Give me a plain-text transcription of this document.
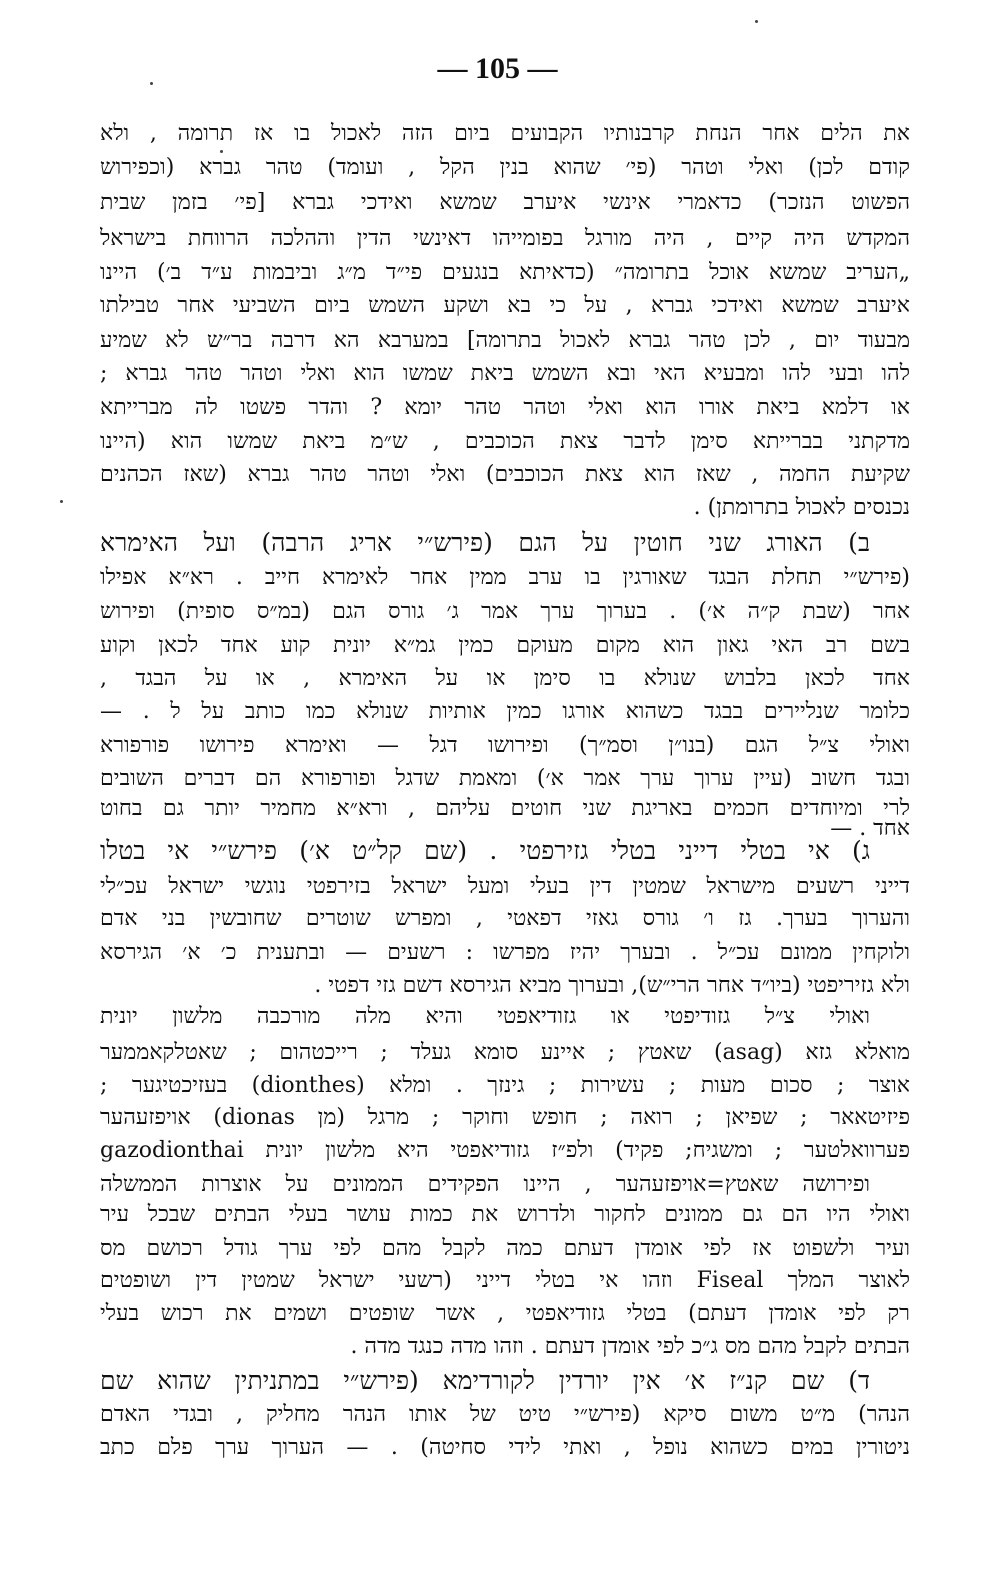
— 105 —
את הלים אחר הנחת קרבנותיו הקבועים ביום הזה לאכול בו אז תרומה , ולא
קודם לכן) ואלי וטהר (פי׳ שהוא בנין הקל , ועומד) טהר גברא (וכפירוש
הפשוט הנזכר) כדאמרי אינשי איערב שמשא ואידכי גברא [פי׳ בזמן שבית
המקדש היה קיים , היה מורגל בפומייהו דאינשי הדין וההלכה הרווחת בישראל
„העריב שמשא אוכל בתרומה״ (כדאיתא בנגעים פי״ד מ״ג וביבמות ע״ד ב׳) היינו
איערב שמשא ואידכי גברא , על כי בא ושקע השמש ביום השביעי אחר טבילתו
מבעוד יום , לכן טהר גברא לאכול בתרומה] במערבא הא דרבה בר״ש לא שמיע
להו ובעי להו ומבעיא האי ובא השמש ביאת שמשו הוא ואלי וטהר טהר גברא ;
או דלמא ביאת אורו הוא ואלי וטהר טהר יומא ? והדר פשטו לה מברייתא
מדקתני בברייתא סימן לדבר צאת הכוכבים , ש״מ ביאת שמשו הוא (היינו
שקיעת החמה , שאז הוא צאת הכוכבים) ואלי וטהר טהר גברא (שאז הכהנים
נכנסים לאכול בתרומתן) .
ב) האורג שני חוטין על הגם (פירש״י אריג הרבה) ועל האימרא
(פירש״י תחלת הבגד שאורגין בו ערב ממין אחר לאימרא חייב . רא״א אפילו
אחר (שבת ק״ה א׳) . בערוך ערך אמר ג׳ גורס הגם (במ״ס סופית) ופירוש
בשם רב האי גאון הוא מקום מעוקם כמין גמ״א יונית קוע אחד לכאן וקוע
אחד לכאן בלבוש שנולא בו סימן או על האימרא , או על הבגד ,
כלומר שנליירים בבגד כשהוא אורגו כמין אותיות שנולא כמו כותב על ל . —
ואולי צ״ל הגם (בנו״ן וסמ״ך) ופירושו דגל — ואימרא פירושו פורפורא
ובגד חשוב (עיין ערוך ערך אמר א׳) ומאמת שדגל ופורפורא הם דברים השובים
לרי ומיוחדים חכמים באריגת שני חוטים עליהם , ורא״א מחמיר יותר גם בחוט
אחד . —
ג) אי בטלי דייני בטלי גזירפטי . (שם קל״ט א׳) פירש״י אי בטלו
דייני רשעים מישראל שמטין דין בעלי ומעל ישראל בזירפטי נוגשי ישראל עכ״לי
והערוך בערך. גז ו׳ גורס גאזי דפאטי , ומפרש שוטרים שחובשין בני אדם
ולוקחין ממונם עכ״ל . ובערך יהיז מפרשו : רשעים — ובתענית כ׳ א׳ הגירסא
ולא גזיריפטי (ביו״ד אחר הרי״ש), ובערוך מביא הגירסא דשם גזי דפטי .
ואולי צ״ל גזודיפטי או גזודיאפטי והיא מלה מורכבה מלשון יונית
מואלא גזא (asag) שאטץ ; איינע סומא געלד ; רייכטהום ; שאטלקאממער
אוצר ; סכום מעות ; עשירות ; גינזך . ומלא (dionthes) בעזיכטיגער ;
פיזיטאאר ; שפיאן ; רואה ; חופש וחוקר ; מרגל (מן dionas) אויפזעהער
פערוואלטער ; ומשגיח; פקיד) ולפ״ז גזודיאפטי היא מלשון יונית gazodionthai
ופירושה שאטץ=אויפזעהער , היינו הפקידים הממונים על אוצרות הממשלה
ואולי היו הם גם ממונים לחקור ולדרוש את כמות עושר בעלי הבתים שבכל עיר
ועיר ולשפוט אז לפי אומדן דעתם כמה לקבל מהם לפי ערך גודל רכושם מס
לאוצר המלך Fiseal וזהו אי בטלי דייני (רשעי ישראל שמטין דין ושופטים
רק לפי אומדן דעתם) בטלי גזודיאפטי , אשר שופטים ושמים את רכוש בעלי
הבתים לקבל מהם מס ג״כ לפי אומדן דעתם . וזהו מדה כנגד מדה .
ד) שם קנ״ז א׳ אין יורדין לקורדימא (פירש״י במתניתין שהוא שם
הנהר) מ״ט משום סיקא (פירש״י טיט של אותו הנהר מחליק , ובגדי האדם
ניטורין במים כשהוא נופל , ואתי לידי סחיטה) . — הערוך ערך פלם כתב
